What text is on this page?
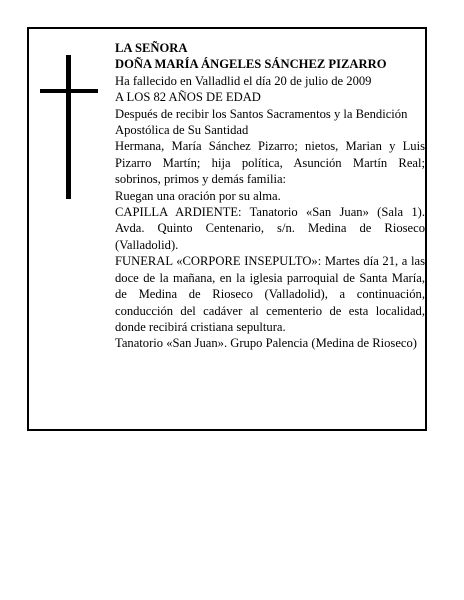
LA SEÑORA
DOÑA MARÍA ÁNGELES SÁNCHEZ PIZARRO
Ha fallecido en Valladlid el día 20 de julio de 2009
A LOS 82 AÑOS DE EDAD
Después de recibir los Santos Sacramentos y la Bendición Apostólica de Su Santidad
Hermana, María Sánchez Pizarro; nietos, Marian y Luis Pizarro Martín; hija política, Asunción Martín Real; sobrinos, primos y demás familia:
Ruegan una oración por su alma.
CAPILLA ARDIENTE: Tanatorio «San Juan» (Sala 1). Avda. Quinto Centenario, s/n. Medina de Rioseco (Valladolid).
FUNERAL «CORPORE INSEPULTO»: Martes día 21, a las doce de la mañana, en la iglesia parroquial de Santa María, de Medina de Rioseco (Valladolid), a continuación, conducción del cadáver al cementerio de esta localidad, donde recibirá cristiana sepultura.
Tanatorio «San Juan». Grupo Palencia (Medina de Rioseco)
